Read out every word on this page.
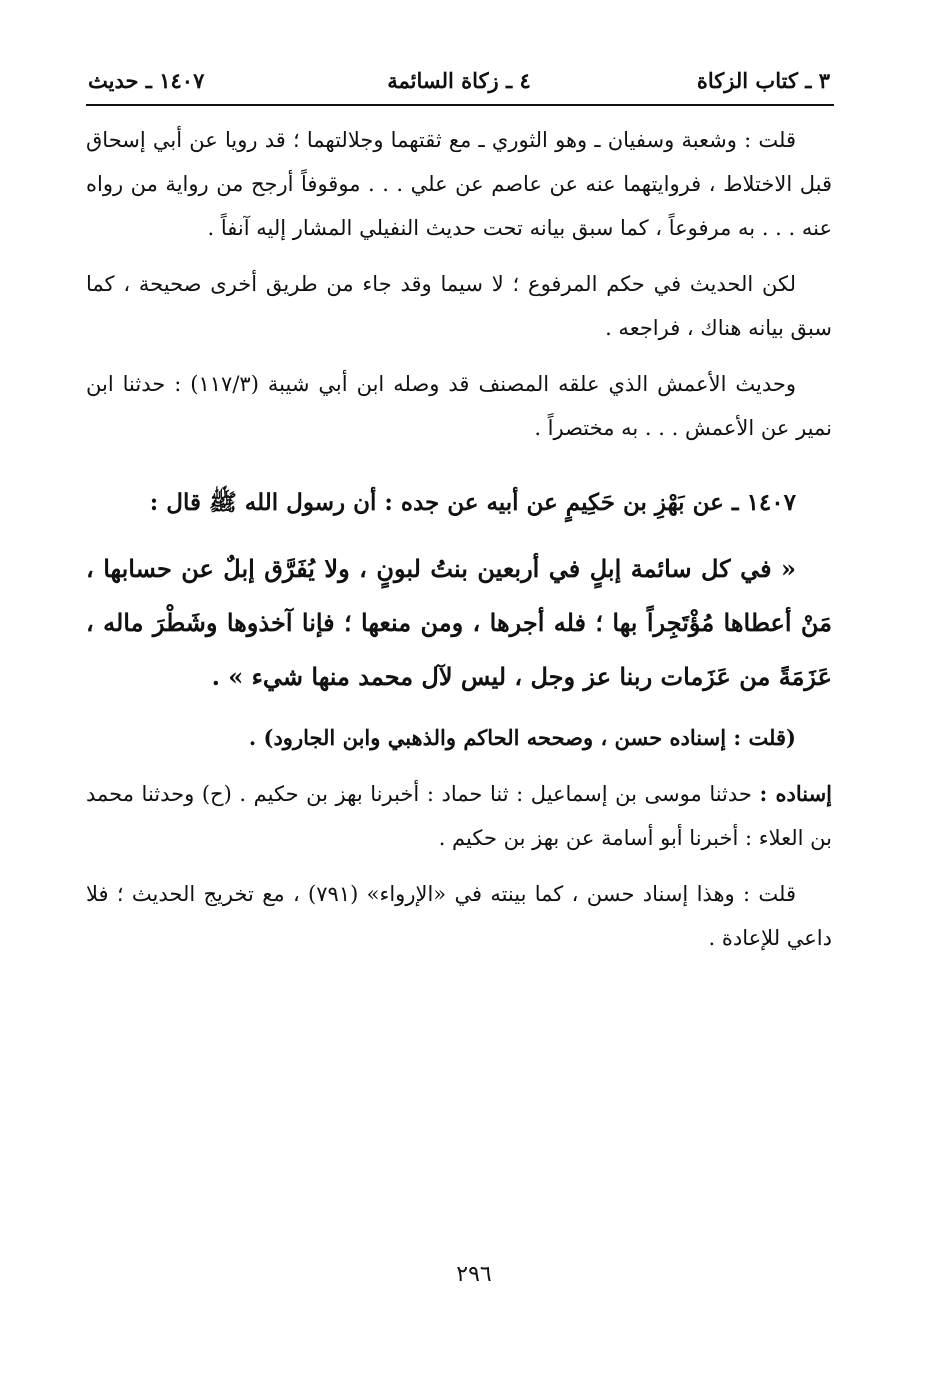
٣ ـ كتاب الزكاة
٤ ـ زكاة السائمة
١٤٠٧ ـ حديث

قلت : وشعبة وسفيان ـ وهو الثوري ـ مع ثقتهما وجلالتهما ؛ قد رويا عن أبي إسحاق قبل الاختلاط ، فروايتهما عنه عن عاصم عن علي . . . موقوفاً أرجح من رواية من رواه عنه . . . به مرفوعاً ، كما سبق بيانه تحت حديث النفيلي المشار إليه آنفاً .

لكن الحديث في حكم المرفوع ؛ لا سيما وقد جاء من طريق أخرى صحيحة ، كما سبق بيانه هناك ، فراجعه .

وحديث الأعمش الذي علقه المصنف قد وصله ابن أبي شيبة (١١٧/٣) : حدثنا ابن نمير عن الأعمش . . . به مختصراً .

١٤٠٧ ـ عن بَهْزِ بن حَكِيمٍ عن أبيه عن جده : أن رسول الله ﷺ قال :

« في كل سائمة إبلٍ في أربعين بنتُ لبونٍ ، ولا يُفَرَّق إبلٌ عن حسابها ، مَنْ أعطاها مُؤْتَجِراً بها ؛ فله أجرها ، ومن منعها ؛ فإنا آخذوها وشَطْرَ ماله ، عَزَمَةً من عَزَمات ربنا عز وجل ، ليس لآل محمد منها شيء » .

(قلت : إسناده حسن ، وصححه الحاكم والذهبي وابن الجارود) .

إسناده : حدثنا موسى بن إسماعيل : ثنا حماد : أخبرنا بهز بن حكيم . (ح) وحدثنا محمد بن العلاء : أخبرنا أبو أسامة عن بهز بن حكيم .

قلت : وهذا إسناد حسن ، كما بينته في «الإرواء» (٧٩١) ، مع تخريج الحديث ؛ فلا داعي للإعادة .

٢٩٦
